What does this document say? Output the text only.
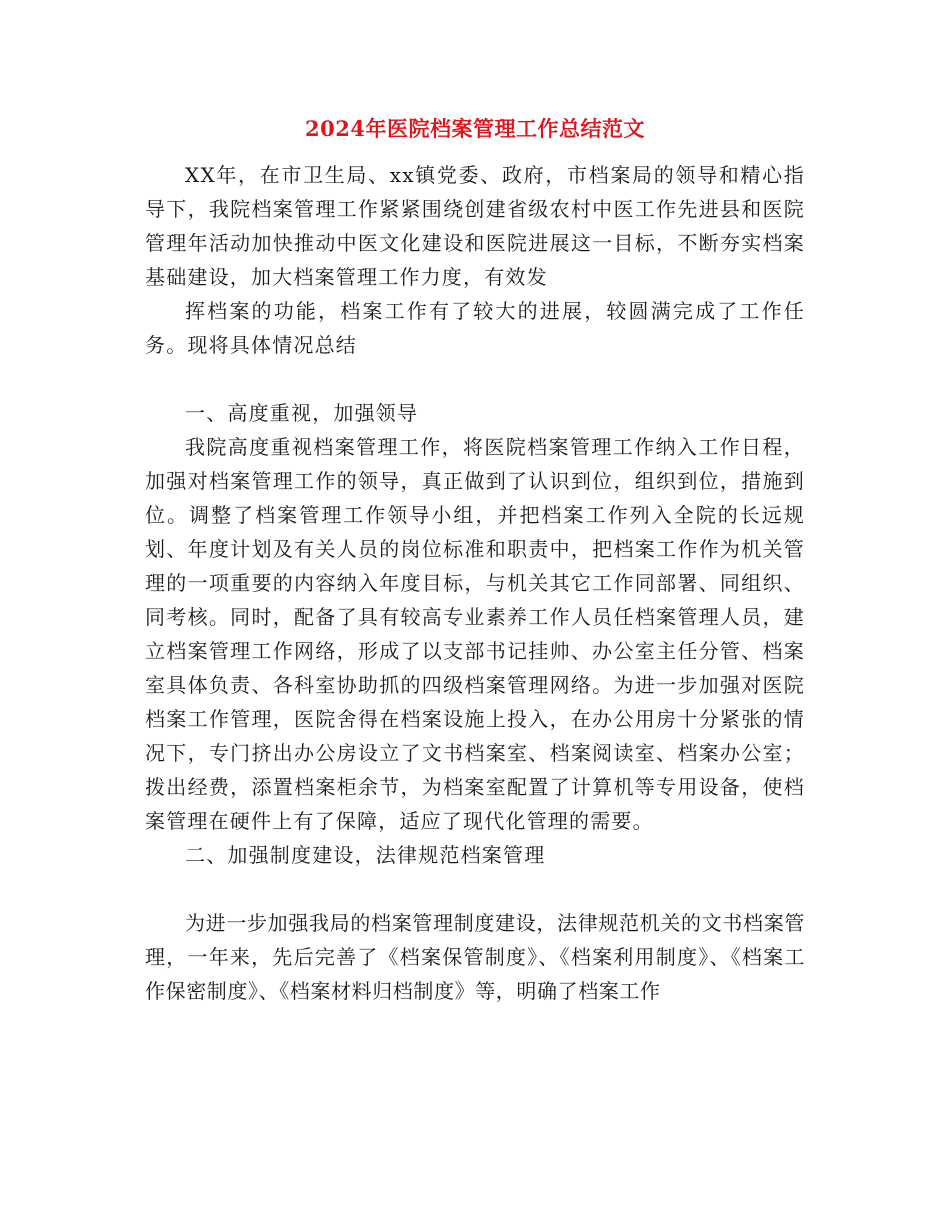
2024年医院档案管理工作总结范文

XX年，在市卫生局、xx镇党委、政府，市档案局的领导和精心指导下，我院档案管理工作紧紧围绕创建省级农村中医工作先进县和医院管理年活动加快推动中医文化建设和医院进展这一目标，不断夯实档案基础建设，加大档案管理工作力度，有效发

挥档案的功能，档案工作有了较大的进展，较圆满完成了工作任务。现将具体情况总结

一、高度重视，加强领导

我院高度重视档案管理工作，将医院档案管理工作纳入工作日程，加强对档案管理工作的领导，真正做到了认识到位，组织到位，措施到位。调整了档案管理工作领导小组，并把档案工作列入全院的长远规划、年度计划及有关人员的岗位标准和职责中，把档案工作作为机关管理的一项重要的内容纳入年度目标，与机关其它工作同部署、同组织、同考核。同时，配备了具有较高专业素养工作人员任档案管理人员，建立档案管理工作网络，形成了以支部书记挂帅、办公室主任分管、档案室具体负责、各科室协助抓的四级档案管理网络。为进一步加强对医院档案工作管理，医院舍得在档案设施上投入，在办公用房十分紧张的情况下，专门挤出办公房设立了文书档案室、档案阅读室、档案办公室；拨出经费，添置档案柜余节，为档案室配置了计算机等专用设备，使档案管理在硬件上有了保障，适应了现代化管理的需要。

二、加强制度建设，法律规范档案管理

为进一步加强我局的档案管理制度建设，法律规范机关的文书档案管理，一年来，先后完善了《档案保管制度》、《档案利用制度》、《档案工作保密制度》、《档案材料归档制度》等，明确了档案工作
